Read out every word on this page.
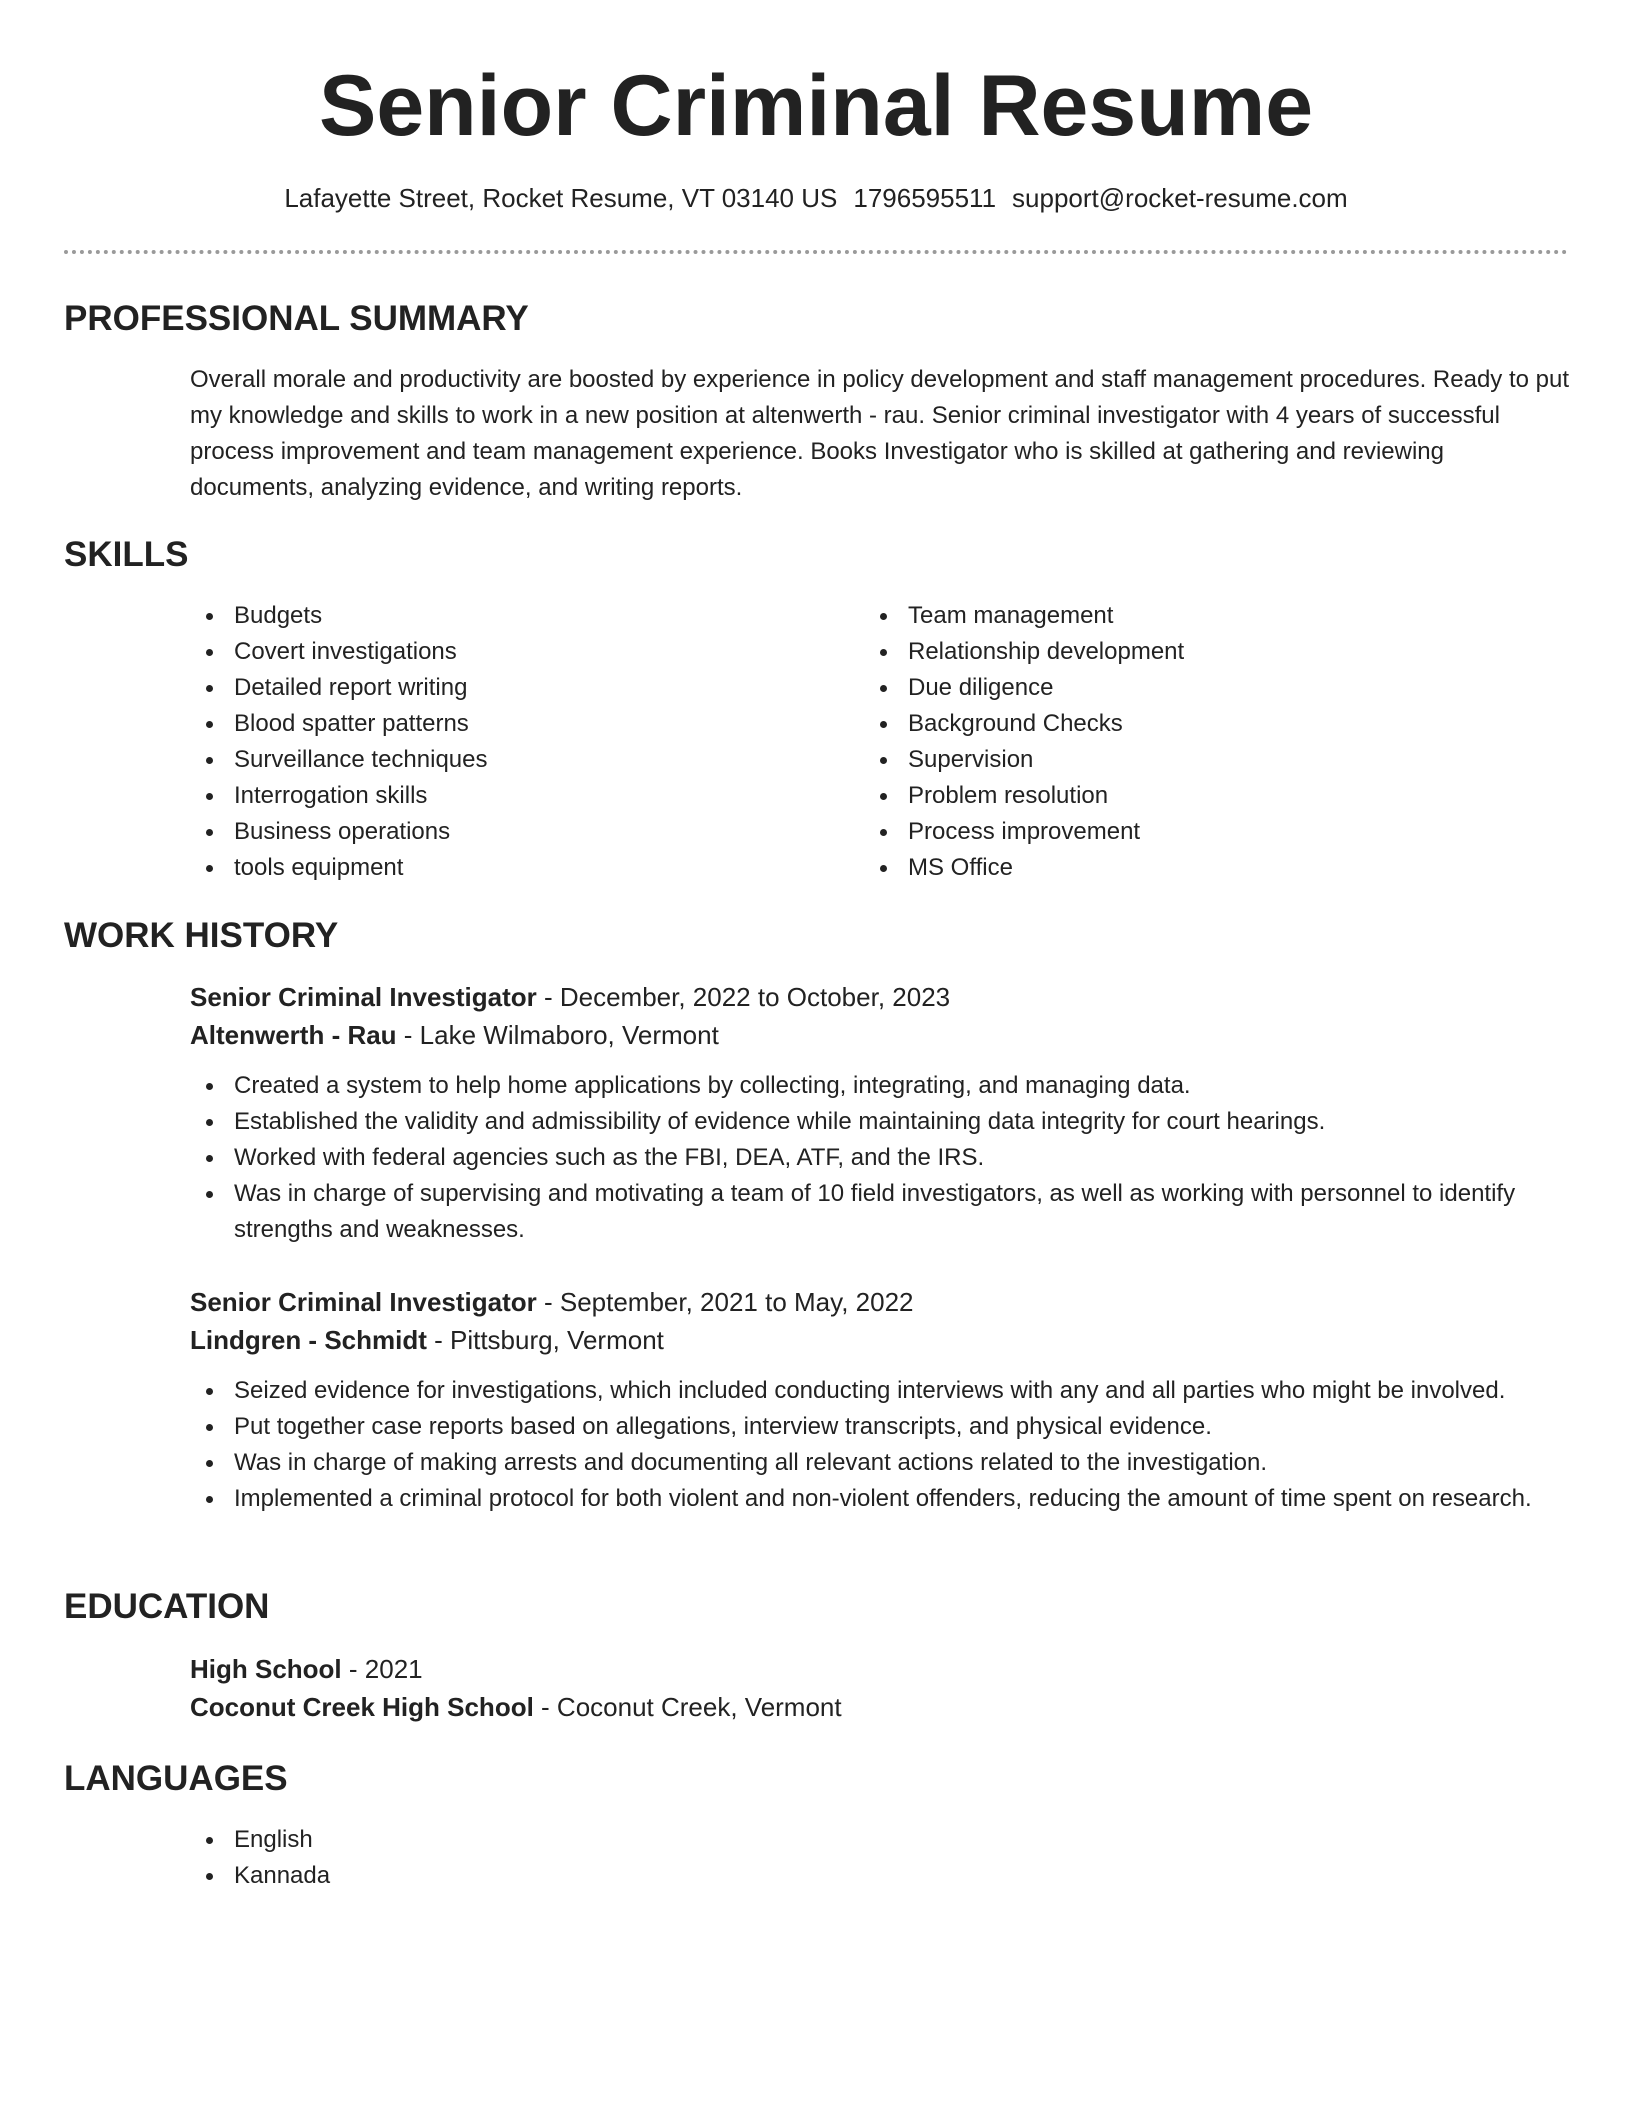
Senior Criminal Resume
Lafayette Street, Rocket Resume, VT 03140 US 1796595511 support@rocket-resume.com
PROFESSIONAL SUMMARY
Overall morale and productivity are boosted by experience in policy development and staff management procedures. Ready to put my knowledge and skills to work in a new position at altenwerth - rau. Senior criminal investigator with 4 years of successful process improvement and team management experience. Books Investigator who is skilled at gathering and reviewing documents, analyzing evidence, and writing reports.
SKILLS
Budgets
Covert investigations
Detailed report writing
Blood spatter patterns
Surveillance techniques
Interrogation skills
Business operations
tools equipment
Team management
Relationship development
Due diligence
Background Checks
Supervision
Problem resolution
Process improvement
MS Office
WORK HISTORY
Senior Criminal Investigator - December, 2022 to October, 2023
Altenwerth - Rau - Lake Wilmaboro, Vermont
Created a system to help home applications by collecting, integrating, and managing data.
Established the validity and admissibility of evidence while maintaining data integrity for court hearings.
Worked with federal agencies such as the FBI, DEA, ATF, and the IRS.
Was in charge of supervising and motivating a team of 10 field investigators, as well as working with personnel to identify strengths and weaknesses.
Senior Criminal Investigator - September, 2021 to May, 2022
Lindgren - Schmidt - Pittsburg, Vermont
Seized evidence for investigations, which included conducting interviews with any and all parties who might be involved.
Put together case reports based on allegations, interview transcripts, and physical evidence.
Was in charge of making arrests and documenting all relevant actions related to the investigation.
Implemented a criminal protocol for both violent and non-violent offenders, reducing the amount of time spent on research.
EDUCATION
High School - 2021
Coconut Creek High School - Coconut Creek, Vermont
LANGUAGES
English
Kannada
